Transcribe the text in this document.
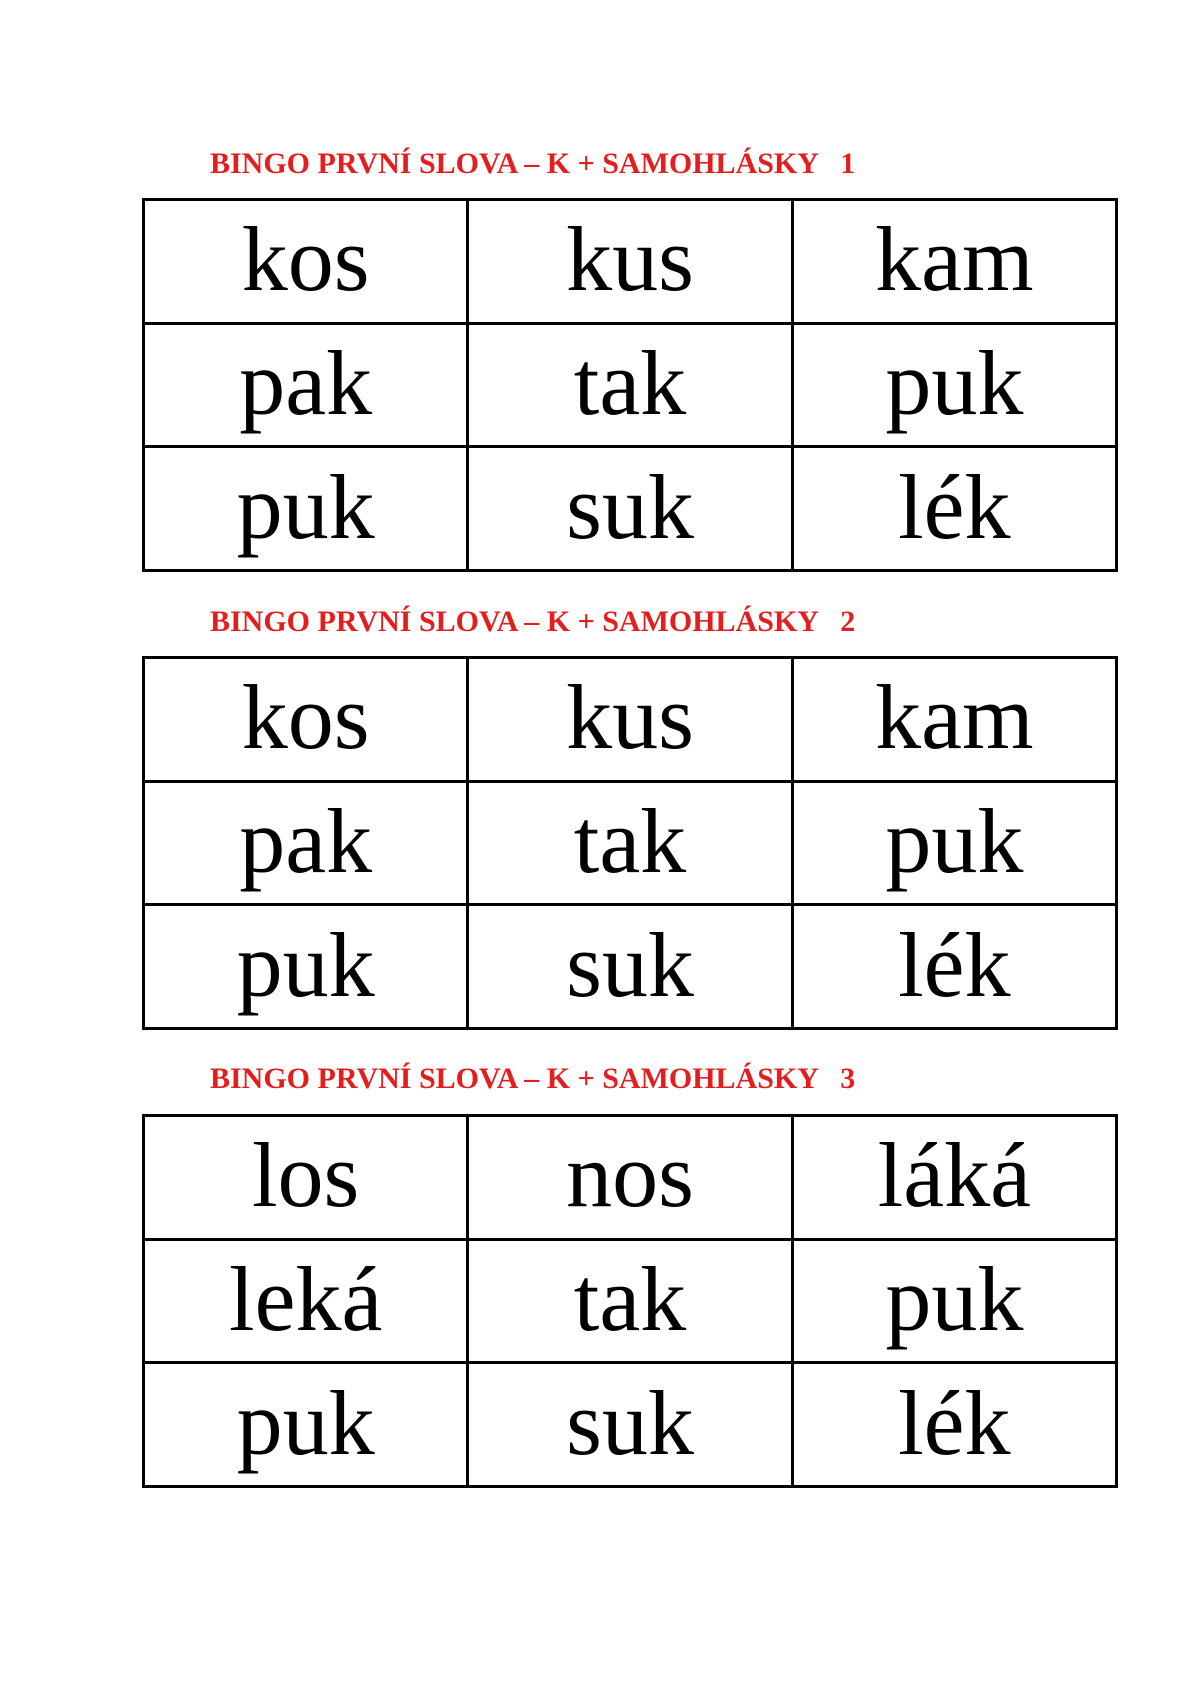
BINGO PRVNÍ SLOVA – K + SAMOHLÁSKY   1
kos	kus	kam
pak	tak	puk
puk	suk	lék
BINGO PRVNÍ SLOVA – K + SAMOHLÁSKY   2
kos	kus	kam
pak	tak	puk
puk	suk	lék
BINGO PRVNÍ SLOVA – K + SAMOHLÁSKY   3
los	nos	láká
leká	tak	puk
puk	suk	lék
